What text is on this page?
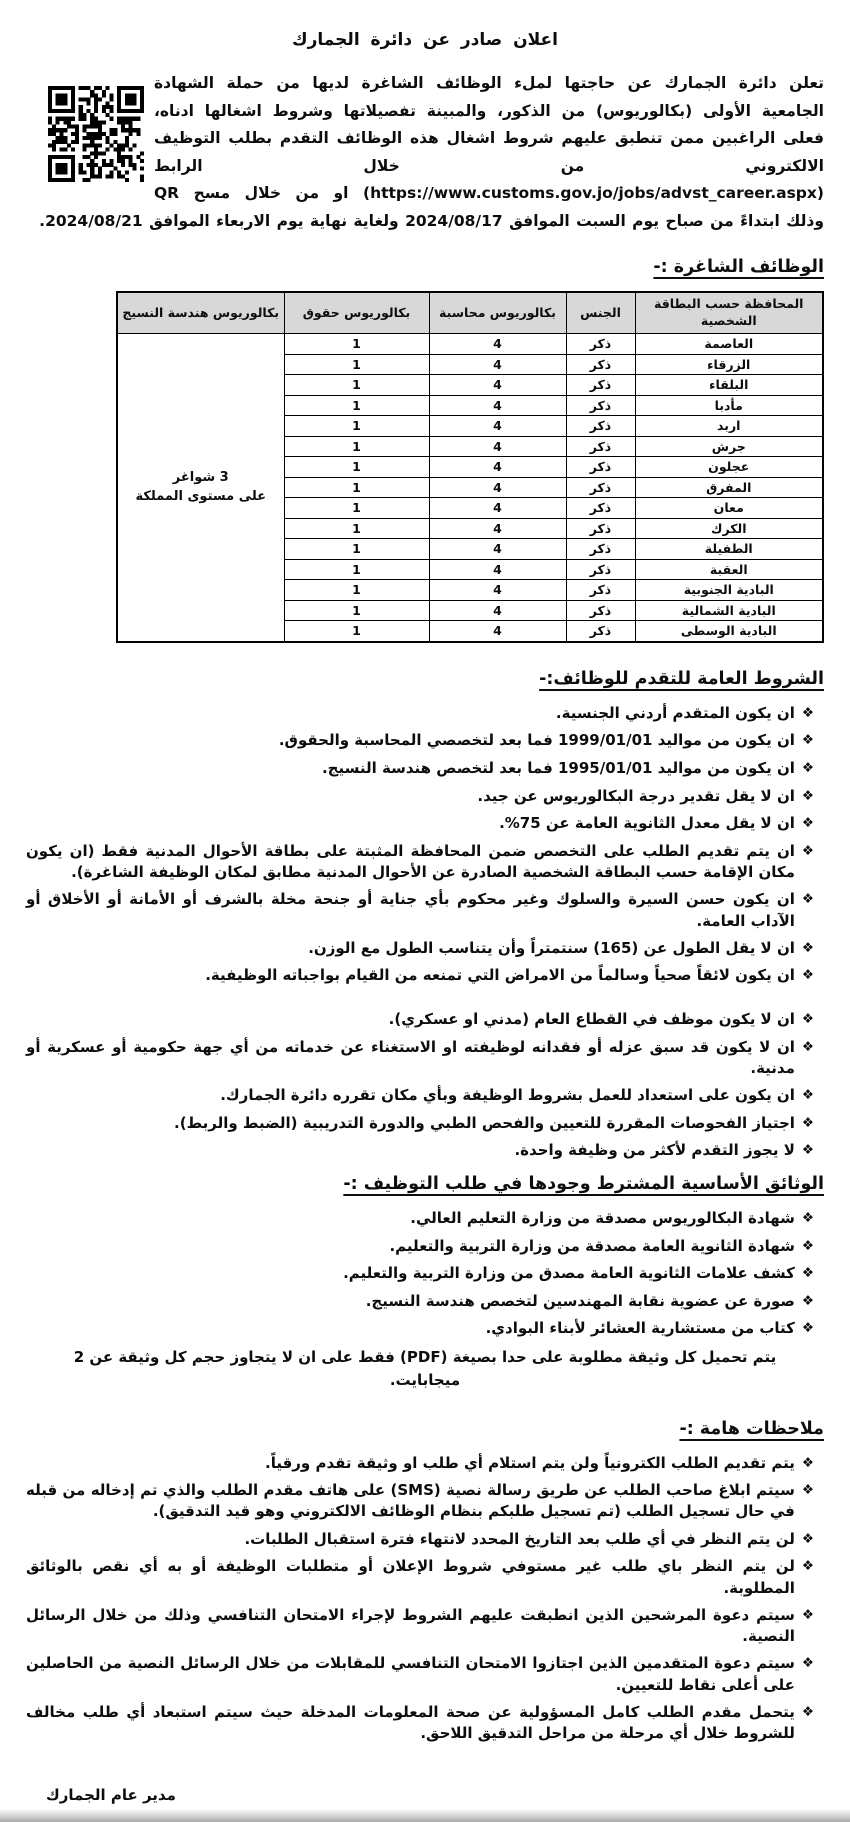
اعلان صادر عن دائرة الجمارك

تعلن دائرة الجمارك عن حاجتها لملء الوظائف الشاغرة لديها من حملة الشهادة الجامعية الأولى (بكالوريوس) من الذكور، والمبينة تفصيلاتها وشروط اشغالها ادناه، فعلى الراغبين ممن تنطبق عليهم شروط اشغال هذه الوظائف التقدم بطلب التوظيف الالكتروني من خلال الرابط (https://www.customs.gov.jo/jobs/advst_career.aspx) او من خلال مسح QR وذلك ابتداءً من صباح يوم السبت الموافق 2024/08/17 ولغاية نهاية يوم الاربعاء الموافق 2024/08/21.

الوظائف الشاغرة :-
المحافظة حسب البطاقة الشخصية	الجنس	بكالوريوس محاسبة	بكالوريوس حقوق	بكالوريوس هندسة النسيج
العاصمة	ذكر	4	1	3 شواغر
على مستوى المملكة

الزرقاء	ذكر	4	1	
البلقاء	ذكر	4	1	
مأدبا	ذكر	4	1	
اربد	ذكر	4	1	
جرش	ذكر	4	1	
عجلون	ذكر	4	1	
المفرق	ذكر	4	1	
معان	ذكر	4	1	
الكرك	ذكر	4	1	
الطفيلة	ذكر	4	1	
العقبة	ذكر	4	1	
البادية الجنوبية	ذكر	4	1	
البادية الشمالية	ذكر	4	1	
البادية الوسطى	ذكر	4	1	
الشروط العامة للتقدم للوظائف:-
❖
ان يكون المتقدم أردني الجنسية.
❖
ان يكون من مواليد 1999/01/01 فما بعد لتخصصي المحاسبة والحقوق.
❖
ان يكون من مواليد 1995/01/01 فما بعد لتخصص هندسة النسيج.
❖
ان لا يقل تقدير درجة البكالوريوس عن جيد.
❖
ان لا يقل معدل الثانوية العامة عن 75%.
❖
ان يتم تقديم الطلب على التخصص ضمن المحافظة المثبتة على بطاقة الأحوال المدنية فقط (ان يكون مكان الإقامة حسب البطاقة الشخصية الصادرة عن الأحوال المدنية مطابق لمكان الوظيفة الشاغرة).
❖
ان يكون حسن السيرة والسلوك وغير محكوم بأي جناية أو جنحة مخلة بالشرف أو الأمانة أو الأخلاق أو الآداب العامة.
❖
ان لا يقل الطول عن (165) سنتمتراً وأن يتناسب الطول مع الوزن.
❖
ان يكون لائقاً صحياً وسالماً من الامراض التي تمنعه من القيام بواجباته الوظيفية.
❖
ان لا يكون موظف في القطاع العام (مدني او عسكري).
❖
ان لا يكون قد سبق عزله أو فقدانه لوظيفته او الاستغناء عن خدماته من أي جهة حكومية أو عسكرية أو مدنية.
❖
ان يكون على استعداد للعمل بشروط الوظيفة وبأي مكان تقرره دائرة الجمارك.
❖
اجتياز الفحوصات المقررة للتعيين والفحص الطبي والدورة التدريبية (الضبط والربط).
❖
لا يجوز التقدم لأكثر من وظيفة واحدة.
الوثائق الأساسية المشترط وجودها في طلب التوظيف :-
❖
شهادة البكالوريوس مصدقة من وزارة التعليم العالي.
❖
شهادة الثانوية العامة مصدقة من وزارة التربية والتعليم.
❖
كشف علامات الثانوية العامة مصدق من وزارة التربية والتعليم.
❖
صورة عن عضوية نقابة المهندسين لتخصص هندسة النسيج.
❖
كتاب من مستشارية العشائر لأبناء البوادي.

يتم تحميل كل وثيقة مطلوبة على حدا بصيغة (PDF) فقط على ان لا يتجاوز حجم كل وثيقة عن 2 ميجابايت.

ملاحظات هامة :-
❖
يتم تقديم الطلب الكترونياً ولن يتم استلام أي طلب او وثيقة تقدم ورقياً.
❖
سيتم ابلاغ صاحب الطلب عن طريق رسالة نصية (SMS) على هاتف مقدم الطلب والذي تم إدخاله من قبله في حال تسجيل الطلب (تم تسجيل طلبكم بنظام الوظائف الالكتروني وهو قيد التدقيق).
❖
لن يتم النظر في أي طلب بعد التاريخ المحدد لانتهاء فترة استقبال الطلبات.
❖
لن يتم النظر باي طلب غير مستوفي شروط الإعلان أو متطلبات الوظيفة أو به أي نقص بالوثائق المطلوبة.
❖
سيتم دعوة المرشحين الذين انطبقت عليهم الشروط لإجراء الامتحان التنافسي وذلك من خلال الرسائل النصية.
❖
سيتم دعوة المتقدمين الذين اجتازوا الامتحان التنافسي للمقابلات من خلال الرسائل النصية من الحاصلين على أعلى نقاط للتعيين.
❖
يتحمل مقدم الطلب كامل المسؤولية عن صحة المعلومات المدخلة حيث سيتم استبعاد أي طلب مخالف للشروط خلال أي مرحلة من مراحل التدقيق اللاحق.
مدير عام الجمارك
